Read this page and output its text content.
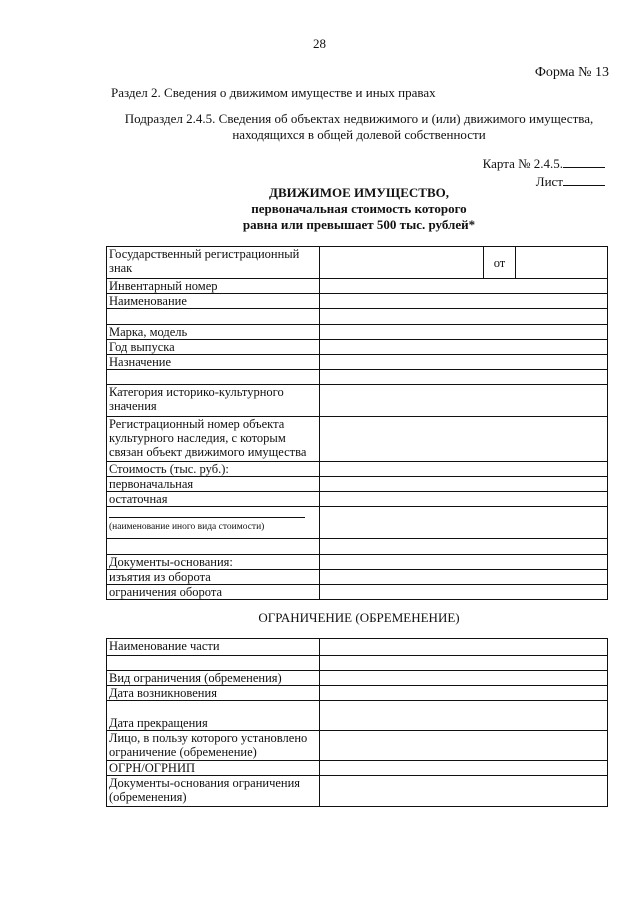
28
Форма № 13
Раздел 2. Сведения о движимом имуществе и иных правах
Подраздел 2.4.5. Сведения об объектах недвижимого и (или) движимого имущества,
находящихся в общей долевой собственности
Карта № 2.4.5.
Лист
ДВИЖИМОЕ ИМУЩЕСТВО,
первоначальная стоимость которого
равна или превышает 500 тыс. рублей*
Государственный регистрационный знак		от	
Инвентарный номер			
Наименование			

Марка, модель			
Год выпуска			
Назначение			

Категория историко-культурного значения			
Регистрационный номер объекта культурного наследия, с которым связан объект движимого имущества			
Стоимость (тыс. руб.):			
первоначальная			
остаточная			

(наименование иного вида стоимости)			

Документы-основания:			
изъятия из оборота			
ограничения оборота			
ОГРАНИЧЕНИЕ (ОБРЕМЕНЕНИЕ)
Наименование части	

Вид ограничения (обременения)	
Дата возникновения	
Дата прекращения	
Лицо, в пользу которого установлено ограничение (обременение)	
ОГРН/ОГРНИП	
Документы-основания ограничения (обременения)	
